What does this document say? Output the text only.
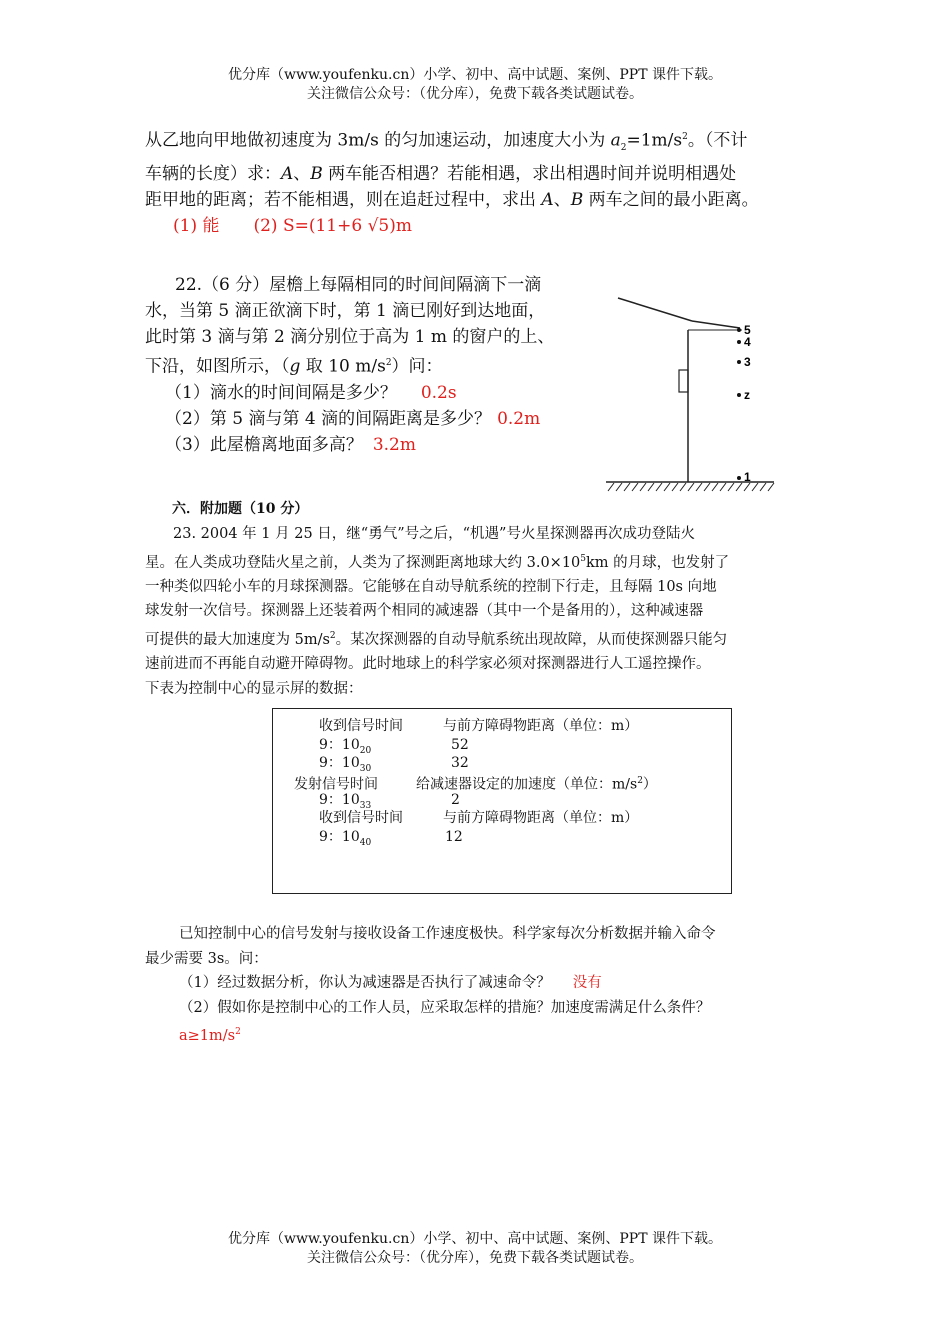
优分库（www.youfenku.cn）小学、初中、高中试题、案例、PPT 课件下载。
关注微信公众号：（优分库），免费下载各类试题试卷。
从乙地向甲地做初速度为 3m/s 的匀加速运动，加速度大小为 $a_2=1m/s^2$。（不计
车辆的长度）求：A、B 两车能否相遇？若能相遇，求出相遇时间并说明相遇处
距甲地的距离；若不能相遇，则在追赶过程中，求出 A、B 两车之间的最小距离。
(1) 能 (2) S=(11+6 √5)m
22.（6 分）屋檐上每隔相同的时间间隔滴下一滴
水，当第 5 滴正欲滴下时，第 1 滴已刚好到达地面，
此时第 3 滴与第 2 滴分别位于高为 1 m 的窗户的上、
下沿，如图所示，（g 取 10 $m/s^2$）问：
（1）滴水的时间间隔是多少？ 0.2s
（2）第 5 滴与第 4 滴的间隔距离是多少？ 0.2m
（3）此屋檐离地面多高？ 3.2m
5
4
3
z
1
六．附加题（10 分）
23. 2004 年 1 月 25 日，继“勇气”号之后，“机遇”号火星探测器再次成功登陆火
星。在人类成功登陆火星之前，人类为了探测距离地球大约 $3.0\times 10^5km$ 的月球，也发射了
一种类似四轮小车的月球探测器。它能够在自动导航系统的控制下行走，且每隔 10s 向地
球发射一次信号。探测器上还装着两个相同的减速器（其中一个是备用的），这种减速器
可提供的最大加速度为 $5m/s^2$。某次探测器的自动导航系统出现故障，从而使探测器只能匀
速前进而不再能自动避开障碍物。此时地球上的科学家必须对探测器进行人工遥控操作。
下表为控制中心的显示屏的数据：
收到信号时间	与前方障碍物距离（单位：m）
9：$10_{20}$	52
9：$10_{30}$	32
发射信号时间	给减速器设定的加速度（单位：$m/s^2$）
9：$10_{33}$	2
收到信号时间	与前方障碍物距离（单位：m）
9：$10_{40}$	12
已知控制中心的信号发射与接收设备工作速度极快。科学家每次分析数据并输入命令
最少需要 3s。问：
（1）经过数据分析，你认为减速器是否执行了减速命令？ 没有
（2）假如你是控制中心的工作人员，应采取怎样的措施？加速度需满足什么条件？
$a\ge 1m/s^2$
优分库（www.youfenku.cn）小学、初中、高中试题、案例、PPT 课件下载。
关注微信公众号：（优分库），免费下载各类试题试卷。
